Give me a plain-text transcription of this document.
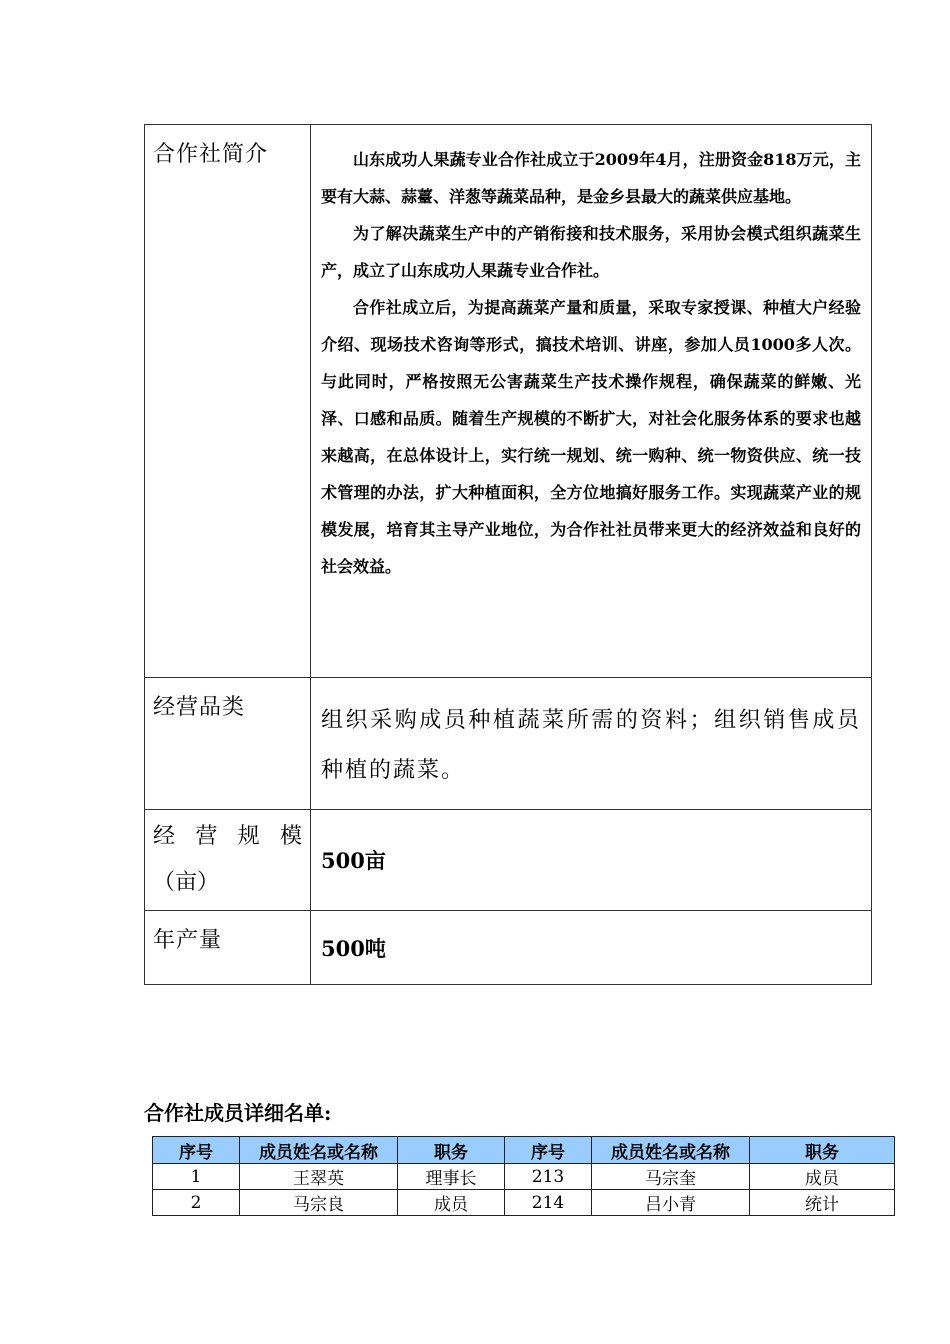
合作社简介	山东成功人果蔬专业合作社成立于2009年4月，注册资金818万元，主要有大蒜、蒜薹、洋葱等蔬菜品种，是金乡县最大的蔬菜供应基地。

为了解决蔬菜生产中的产销衔接和技术服务，采用协会模式组织蔬菜生产，成立了山东成功人果蔬专业合作社。

合作社成立后，为提高蔬菜产量和质量，采取专家授课、种植大户经验介绍、现场技术咨询等形式，搞技术培训、讲座，参加人员1000多人次。与此同时，严格按照无公害蔬菜生产技术操作规程，确保蔬菜的鲜嫩、光泽、口感和品质。随着生产规模的不断扩大，对社会化服务体系的要求也越来越高，在总体设计上，实行统一规划、统一购种、统一物资供应、统一技术管理的办法，扩大种植面积，全方位地搞好服务工作。实现蔬菜产业的规模发展，培育其主导产业地位，为合作社社员带来更大的经济效益和良好的社会效益。

经营品类	组织采购成员种植蔬菜所需的资料；组织销售成员种植的蔬菜。

经 营 规 模
（亩）	500亩
年产量	500吨

合作社成员详细名单:

序号	成员姓名或名称	职务	序号	成员姓名或名称	职务
1	王翠英	理事长	213	马宗奎	成员
2	马宗良	成员	214	吕小青	统计
